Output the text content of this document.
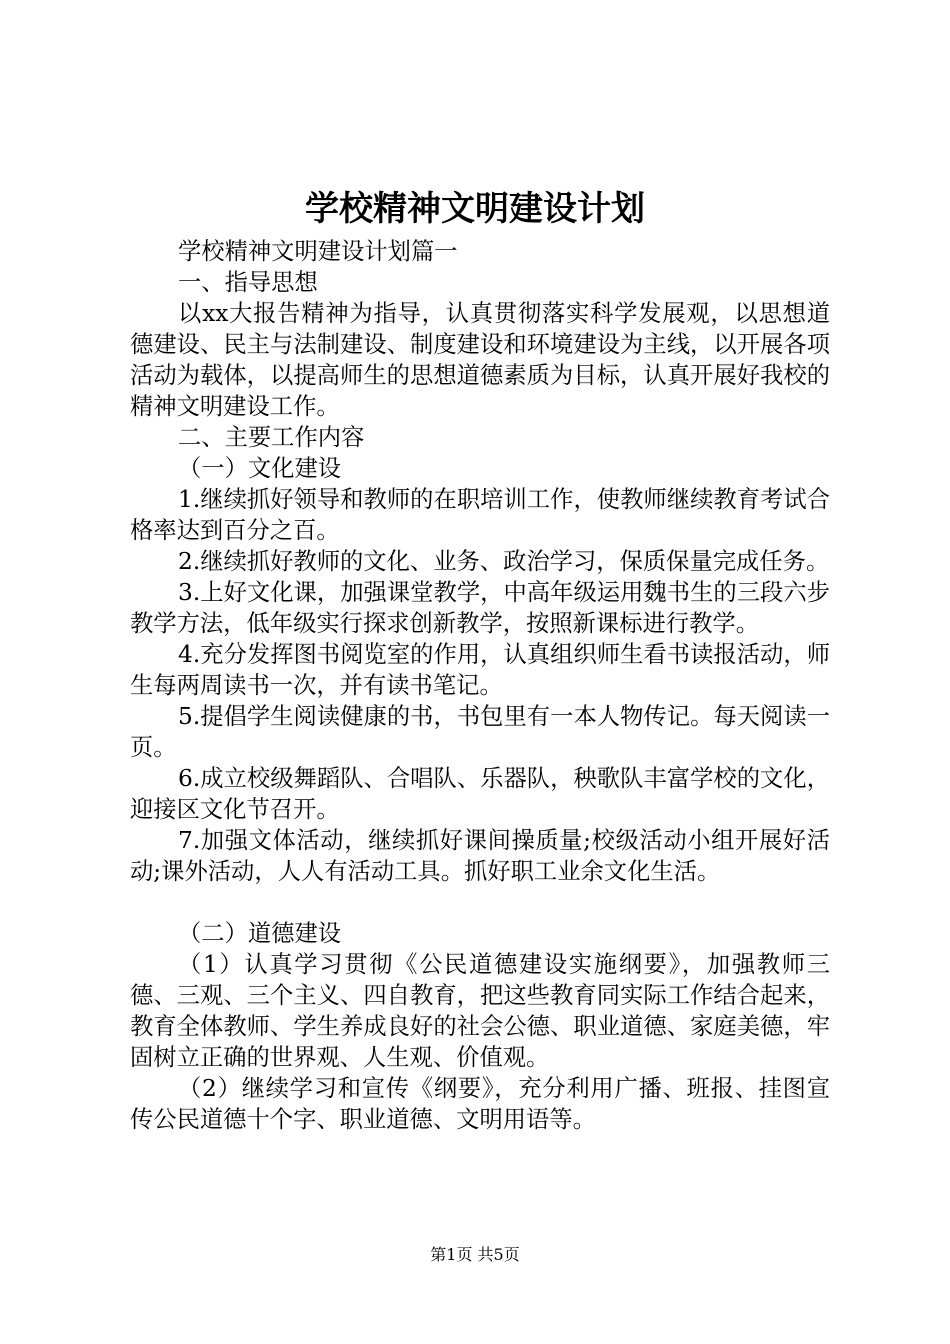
学校精神文明建设计划

学校精神文明建设计划篇一

一、指导思想

以xx大报告精神为指导，认真贯彻落实科学发展观，以思想道德建设、民主与法制建设、制度建设和环境建设为主线，以开展各项活动为载体，以提高师生的思想道德素质为目标，认真开展好我校的精神文明建设工作。

二、主要工作内容

（一）文化建设

1.继续抓好领导和教师的在职培训工作，使教师继续教育考试合格率达到百分之百。

2.继续抓好教师的文化、业务、政治学习，保质保量完成任务。

3.上好文化课，加强课堂教学，中高年级运用魏书生的三段六步教学方法，低年级实行探求创新教学，按照新课标进行教学。

4.充分发挥图书阅览室的作用，认真组织师生看书读报活动，师生每两周读书一次，并有读书笔记。

5.提倡学生阅读健康的书，书包里有一本人物传记。每天阅读一页。

6.成立校级舞蹈队、合唱队、乐器队，秧歌队丰富学校的文化，迎接区文化节召开。

7.加强文体活动，继续抓好课间操质量;校级活动小组开展好活动;课外活动，人人有活动工具。抓好职工业余文化生活。

（二）道德建设

（1）认真学习贯彻《公民道德建设实施纲要》，加强教师三德、三观、三个主义、四自教育，把这些教育同实际工作结合起来，教育全体教师、学生养成良好的社会公德、职业道德、家庭美德，牢固树立正确的世界观、人生观、价值观。

（2）继续学习和宣传《纲要》，充分利用广播、班报、挂图宣传公民道德十个字、职业道德、文明用语等。

第1页 共5页
